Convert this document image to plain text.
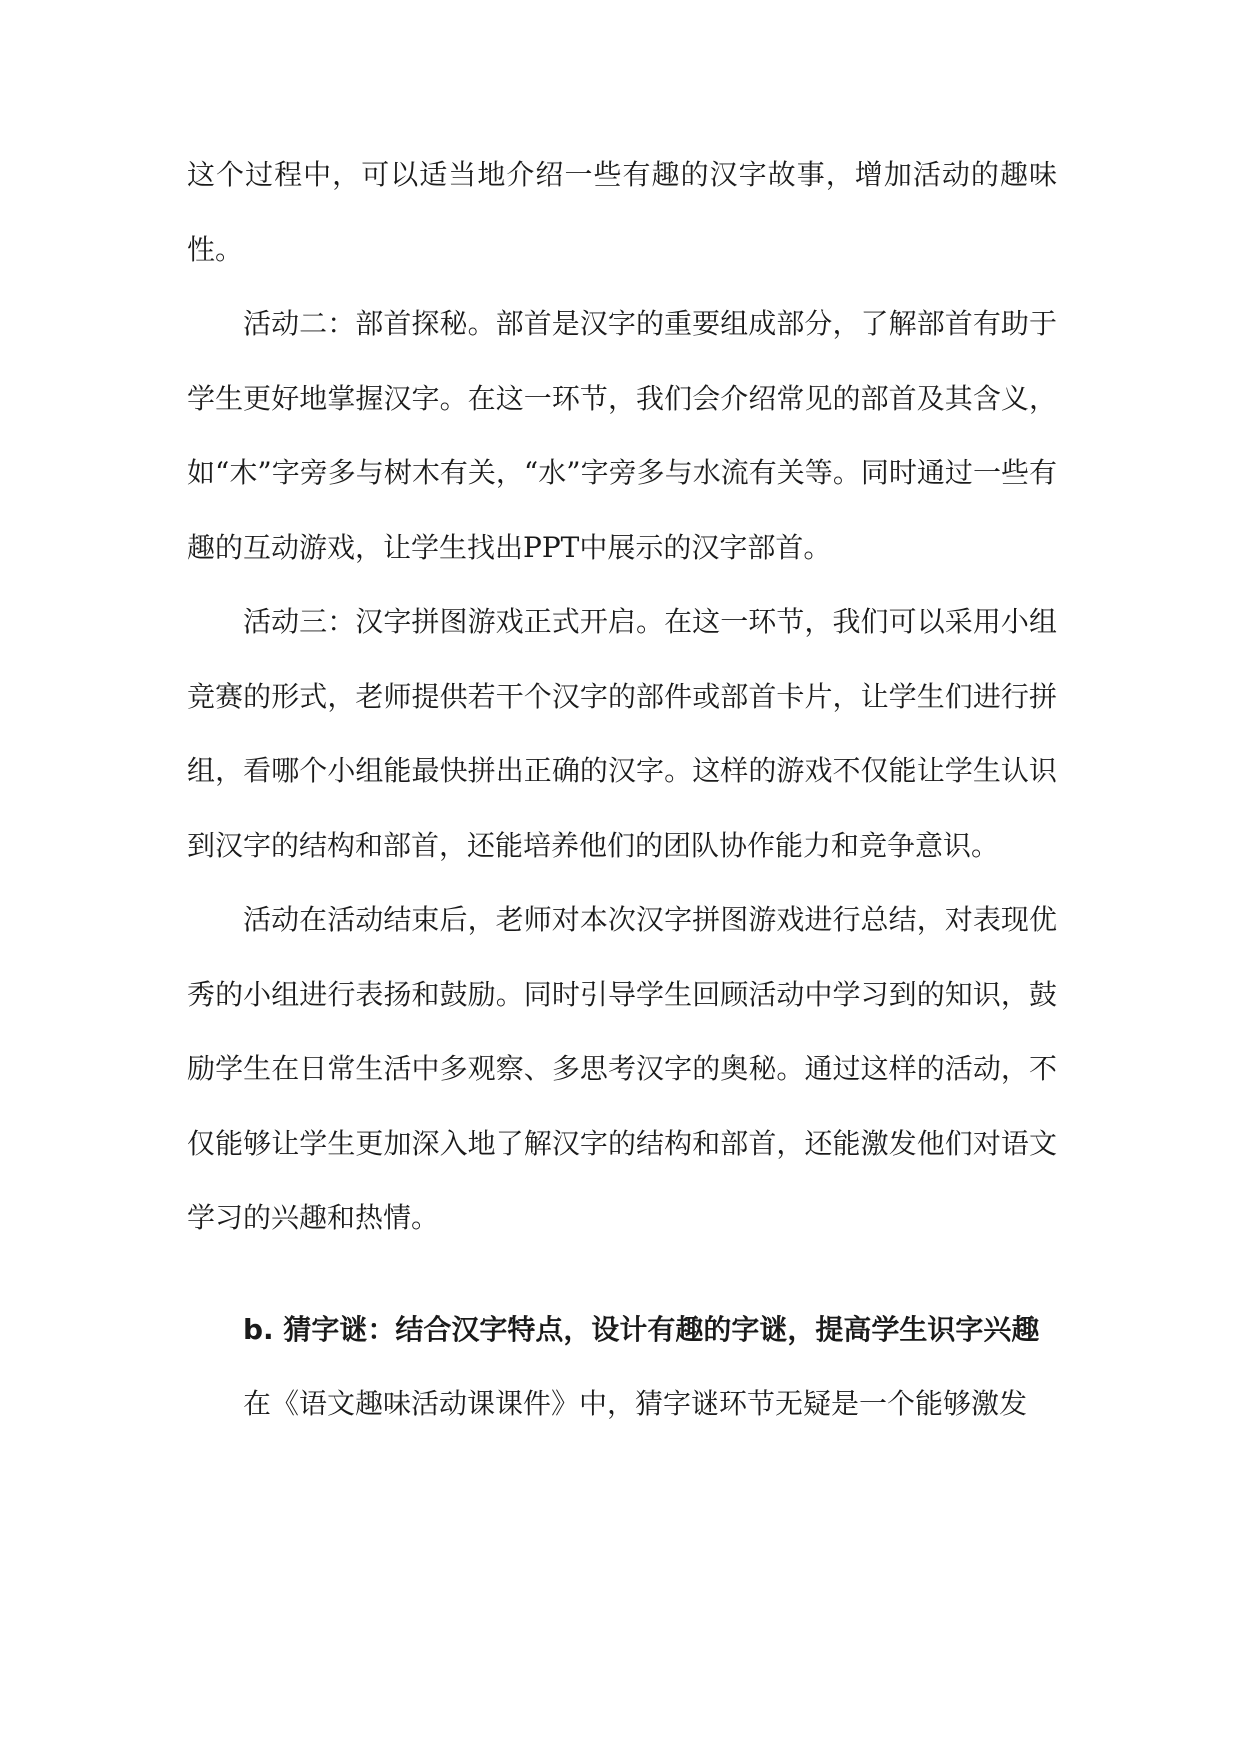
这个过程中，可以适当地介绍一些有趣的汉字故事，增加活动的趣味性。

活动二：部首探秘。部首是汉字的重要组成部分，了解部首有助于学生更好地掌握汉字。在这一环节，我们会介绍常见的部首及其含义，如“木”字旁多与树木有关，“水”字旁多与水流有关等。同时通过一些有趣的互动游戏，让学生找出PPT中展示的汉字部首。

活动三：汉字拼图游戏正式开启。在这一环节，我们可以采用小组竞赛的形式，老师提供若干个汉字的部件或部首卡片，让学生们进行拼组，看哪个小组能最快拼出正确的汉字。这样的游戏不仅能让学生认识到汉字的结构和部首，还能培养他们的团队协作能力和竞争意识。

活动在活动结束后，老师对本次汉字拼图游戏进行总结，对表现优秀的小组进行表扬和鼓励。同时引导学生回顾活动中学习到的知识，鼓励学生在日常生活中多观察、多思考汉字的奥秘。通过这样的活动，不仅能够让学生更加深入地了解汉字的结构和部首，还能激发他们对语文学习的兴趣和热情。

b. 猜字谜：结合汉字特点，设计有趣的字谜，提高学生识字兴趣

在《语文趣味活动课课件》中，猜字谜环节无疑是一个能够激发
